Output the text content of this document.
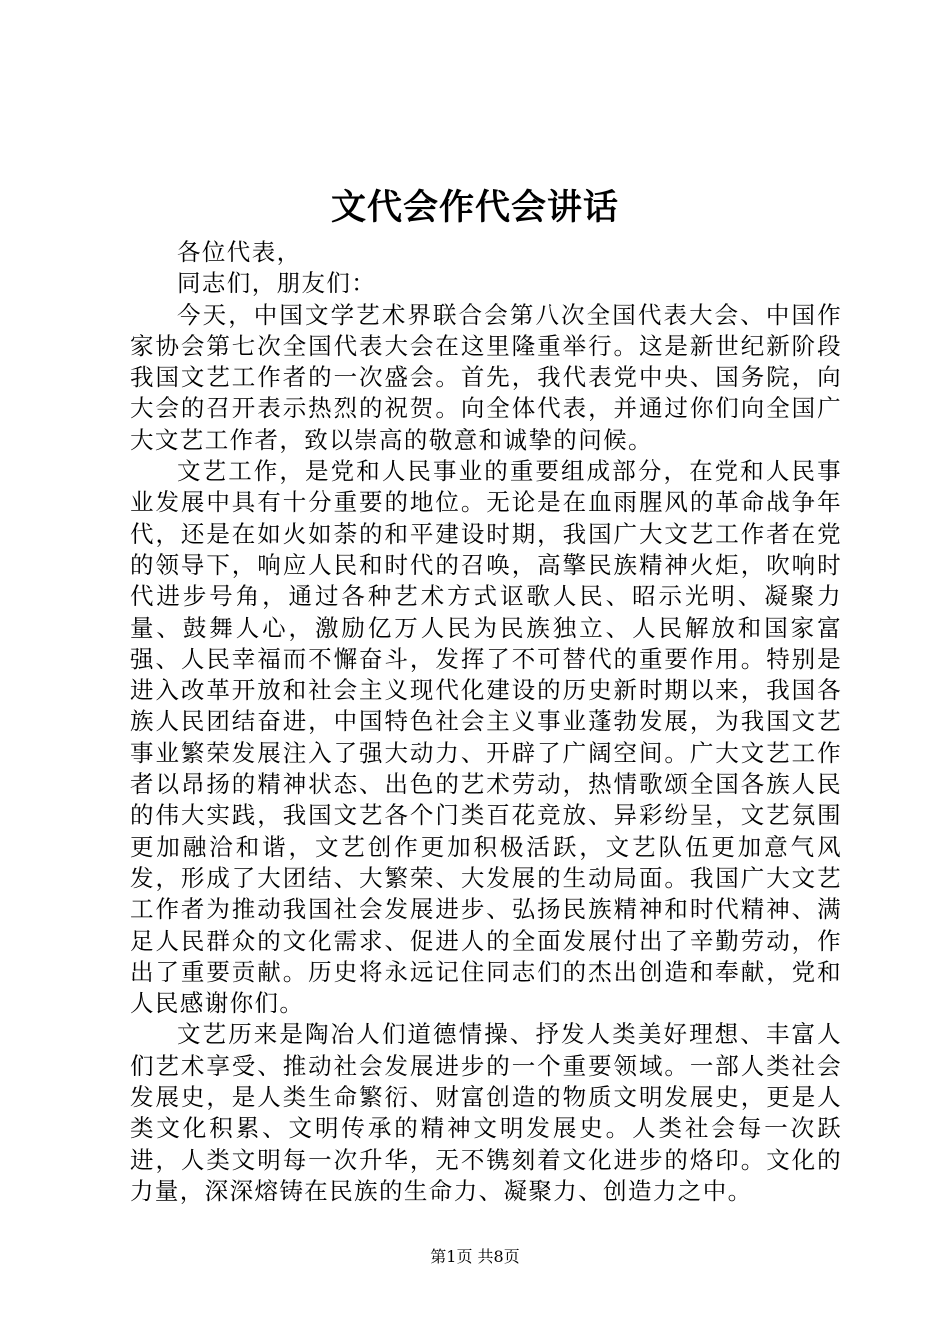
文代会作代会讲话

各位代表，

同志们，朋友们：

今天，中国文学艺术界联合会第八次全国代表大会、中国作家协会第七次全国代表大会在这里隆重举行。这是新世纪新阶段我国文艺工作者的一次盛会。首先，我代表党中央、国务院，向大会的召开表示热烈的祝贺。向全体代表，并通过你们向全国广大文艺工作者，致以崇高的敬意和诚挚的问候。

文艺工作，是党和人民事业的重要组成部分，在党和人民事业发展中具有十分重要的地位。无论是在血雨腥风的革命战争年代，还是在如火如荼的和平建设时期，我国广大文艺工作者在党的领导下，响应人民和时代的召唤，高擎民族精神火炬，吹响时代进步号角，通过各种艺术方式讴歌人民、昭示光明、凝聚力量、鼓舞人心，激励亿万人民为民族独立、人民解放和国家富强、人民幸福而不懈奋斗，发挥了不可替代的重要作用。特别是进入改革开放和社会主义现代化建设的历史新时期以来，我国各族人民团结奋进，中国特色社会主义事业蓬勃发展，为我国文艺事业繁荣发展注入了强大动力、开辟了广阔空间。广大文艺工作者以昂扬的精神状态、出色的艺术劳动，热情歌颂全国各族人民的伟大实践，我国文艺各个门类百花竞放、异彩纷呈，文艺氛围更加融洽和谐，文艺创作更加积极活跃，文艺队伍更加意气风发，形成了大团结、大繁荣、大发展的生动局面。我国广大文艺工作者为推动我国社会发展进步、弘扬民族精神和时代精神、满足人民群众的文化需求、促进人的全面发展付出了辛勤劳动，作出了重要贡献。历史将永远记住同志们的杰出创造和奉献，党和人民感谢你们。

文艺历来是陶冶人们道德情操、抒发人类美好理想、丰富人们艺术享受、推动社会发展进步的一个重要领域。一部人类社会发展史，是人类生命繁衍、财富创造的物质文明发展史，更是人类文化积累、文明传承的精神文明发展史。人类社会每一次跃进，人类文明每一次升华，无不镌刻着文化进步的烙印。文化的力量，深深熔铸在民族的生命力、凝聚力、创造力之中。

第1页 共8页
